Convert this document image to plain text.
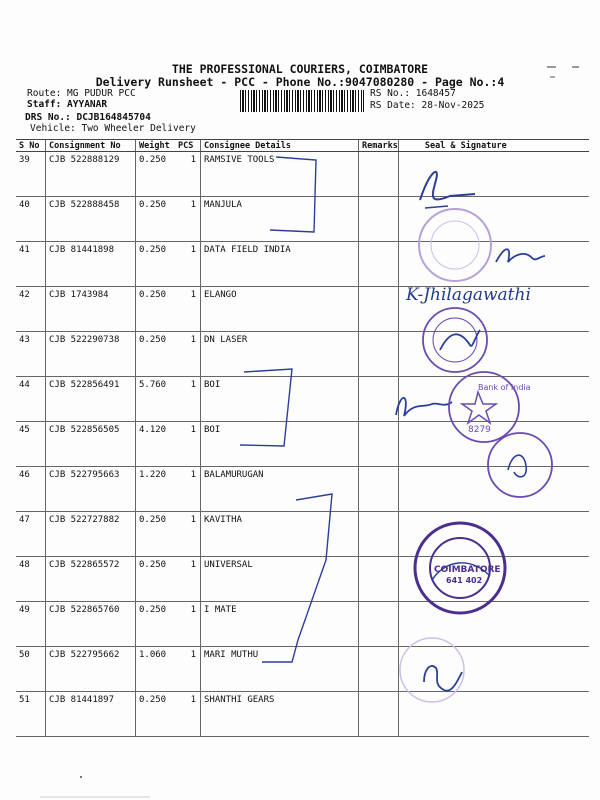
THE PROFESSIONAL COURIERS, COIMBATORE
Delivery Runsheet - PCC - Phone No.:9047080280 - Page No.:4
Route: MG PUDUR PCC
Staff: AYYANAR
DRS No.: DCJB164845704
Vehicle: Two Wheeler Delivery
RS No.: 1648457
RS Date: 28-Nov-2025
S No	Consignment No	Weight	PCS	Consignee Details	Remarks	Seal & Signature
39	CJB 522888129	0.250	1	RAMSIVE TOOLS		
40	CJB 522888458	0.250	1	MANJULA		
41	CJB 81441898	0.250	1	DATA FIELD INDIA		
42	CJB 1743984	0.250	1	ELANGO		
43	CJB 522290738	0.250	1	DN LASER		
44	CJB 522856491	5.760	1	BOI		
45	CJB 522856505	4.120	1	BOI		
46	CJB 522795663	1.220	1	BALAMURUGAN		
47	CJB 522727882	0.250	1	KAVITHA		
48	CJB 522865572	0.250	1	UNIVERSAL		
49	CJB 522865760	0.250	1	I MATE		
50	CJB 522795662	1.060	1	MARI MUTHU		
51	CJB 81441897	0.250	1	SHANTHI GEARS		
K-Jhilagawathi
Bank of India
8279
COIMBATORE
641 402
